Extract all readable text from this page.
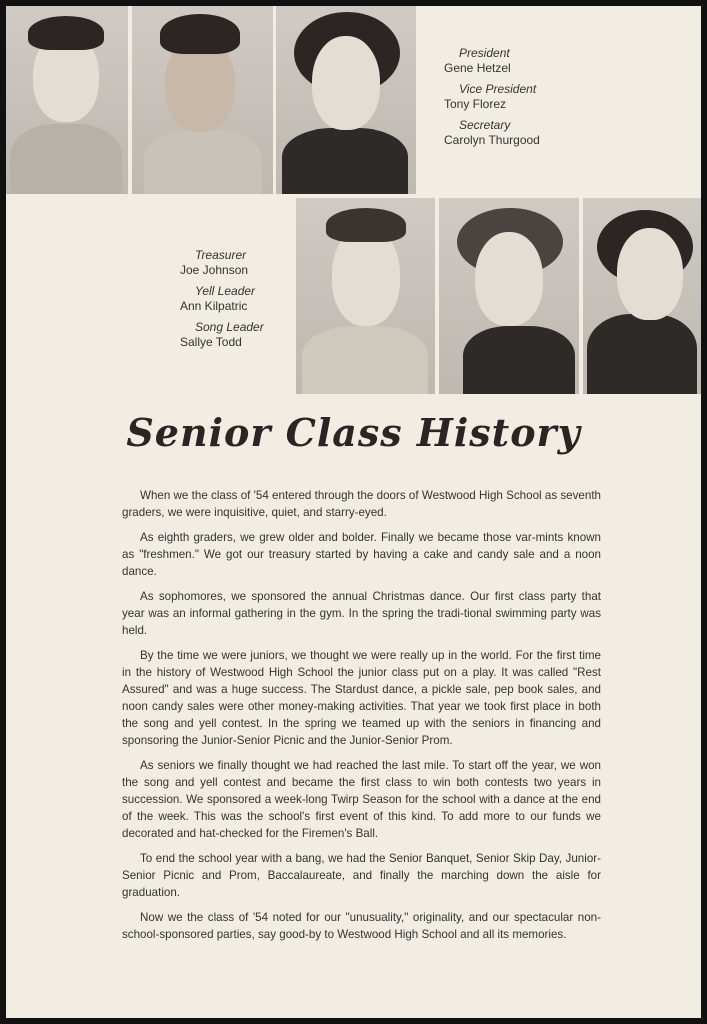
President
Gene Hetzel
Vice President
Tony Florez
Secretary
Carolyn Thurgood
Treasurer
Joe Johnson
Yell Leader
Ann Kilpatric
Song Leader
Sallye Todd
Senior Class History

When we the class of '54 entered through the doors of Westwood High School as seventh graders, we were inquisitive, quiet, and starry-eyed.

As eighth graders, we grew older and bolder. Finally we became those var-mints known as "freshmen." We got our treasury started by having a cake and candy sale and a noon dance.

As sophomores, we sponsored the annual Christmas dance. Our first class party that year was an informal gathering in the gym. In the spring the tradi-tional swimming party was held.

By the time we were juniors, we thought we were really up in the world. For the first time in the history of Westwood High School the junior class put on a play. It was called "Rest Assured" and was a huge success. The Stardust dance, a pickle sale, pep book sales, and noon candy sales were other money-making activities. That year we took first place in both the song and yell contest. In the spring we teamed up with the seniors in financing and sponsoring the Junior-Senior Picnic and the Junior-Senior Prom.

As seniors we finally thought we had reached the last mile. To start off the year, we won the song and yell contest and became the first class to win both contests two years in succession. We sponsored a week-long Twirp Season for the school with a dance at the end of the week. This was the school's first event of this kind. To add more to our funds we decorated and hat-checked for the Firemen's Ball.

To end the school year with a bang, we had the Senior Banquet, Senior Skip Day, Junior-Senior Picnic and Prom, Baccalaureate, and finally the marching down the aisle for graduation.

Now we the class of '54 noted for our "unusuality," originality, and our spectacular non-school-sponsored parties, say good-by to Westwood High School and all its memories.
